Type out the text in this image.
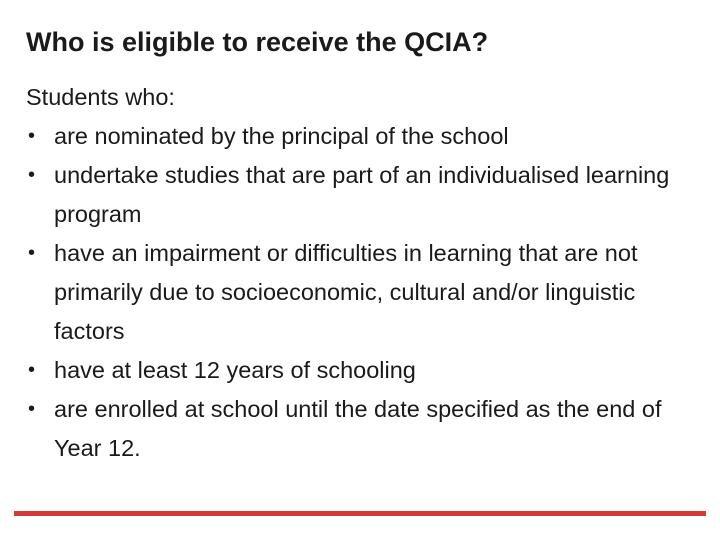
Who is eligible to receive the QCIA?

Students who:

• are nominated by the principal of the school
• undertake studies that are part of an individualised learning program
• have an impairment or difficulties in learning that are not primarily due to socioeconomic, cultural and/or linguistic factors
• have at least 12 years of schooling
• are enrolled at school until the date specified as the end of Year 12.
